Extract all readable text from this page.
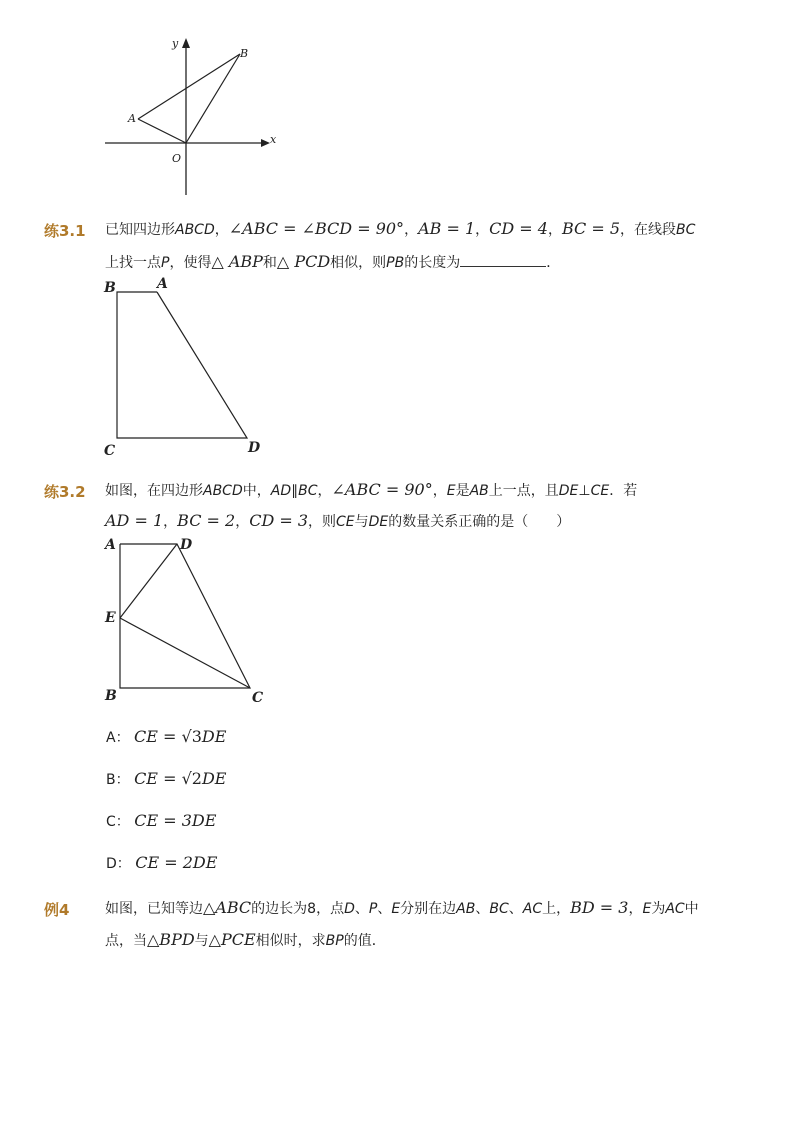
y
x
B
A
O
练3.1 已知四边形ABCD，∠ABC = ∠BCD = 90°，AB = 1，CD = 4，BC = 5，在线段BC
上找一点P，使得△ ABP和△ PCD相似，则PB的长度为	．
B	A
C	D
练3.2 如图，在四边形ABCD中，AD∥BC，∠ABC = 90°，E是AB上一点，且DE⊥CE．若
AD = 1，BC = 2，CD = 3，则CE与DE的数量关系正确的是（　　）
A	D
E
B	C
A： CE = √3DE
B： CE = √2DE
C： CE = 3DE
D： CE = 2DE
例4	如图，已知等边△ABC的边长为8，点D、P、E分别在边AB、BC、AC上，BD = 3，E为AC中
点，当△BPD与△PCE相似时，求BP的值．
